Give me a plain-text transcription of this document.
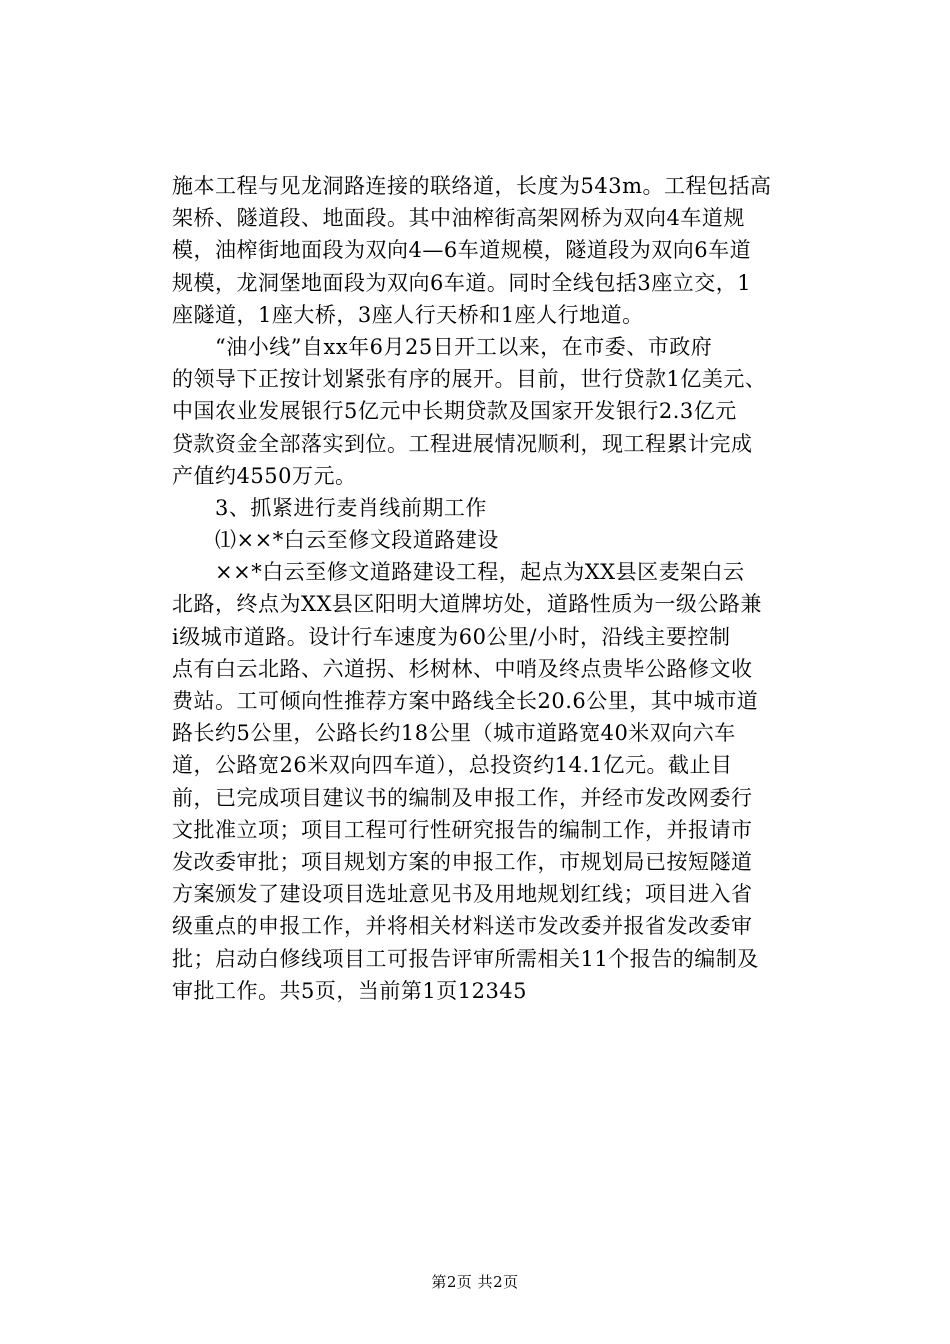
施本工程与见龙洞路连接的联络道，长度为543m。工程包括高
架桥、隧道段、地面段。其中油榨街高架网桥为双向4车道规
模，油榨街地面段为双向4—6车道规模，隧道段为双向6车道
规模，龙洞堡地面段为双向6车道。同时全线包括3座立交，1
座隧道，1座大桥，3座人行天桥和1座人行地道。
　　“油小线”自xx年6月25日开工以来，在市委、市政府
的领导下正按计划紧张有序的展开。目前，世行贷款1亿美元、
中国农业发展银行5亿元中长期贷款及国家开发银行2.3亿元
贷款资金全部落实到位。工程进展情况顺利，现工程累计完成
产值约4550万元。
　　3、抓紧进行麦肖线前期工作
　　⑴××*白云至修文段道路建设
　　××*白云至修文道路建设工程，起点为XX县区麦架白云
北路，终点为XX县区阳明大道牌坊处，道路性质为一级公路兼
ⅰ级城市道路。设计行车速度为60公里/小时，沿线主要控制
点有白云北路、六道拐、杉树林、中哨及终点贵毕公路修文收
费站。工可倾向性推荐方案中路线全长20.6公里，其中城市道
路长约5公里，公路长约18公里（城市道路宽40米双向六车
道，公路宽26米双向四车道），总投资约14.1亿元。截止目
前，已完成项目建议书的编制及申报工作，并经市发改网委行
文批准立项；项目工程可行性研究报告的编制工作，并报请市
发改委审批；项目规划方案的申报工作，市规划局已按短隧道
方案颁发了建设项目选址意见书及用地规划红线；项目进入省
级重点的申报工作，并将相关材料送市发改委并报省发改委审
批；启动白修线项目工可报告评审所需相关11个报告的编制及
审批工作。共5页，当前第1页12345
第2页 共2页
